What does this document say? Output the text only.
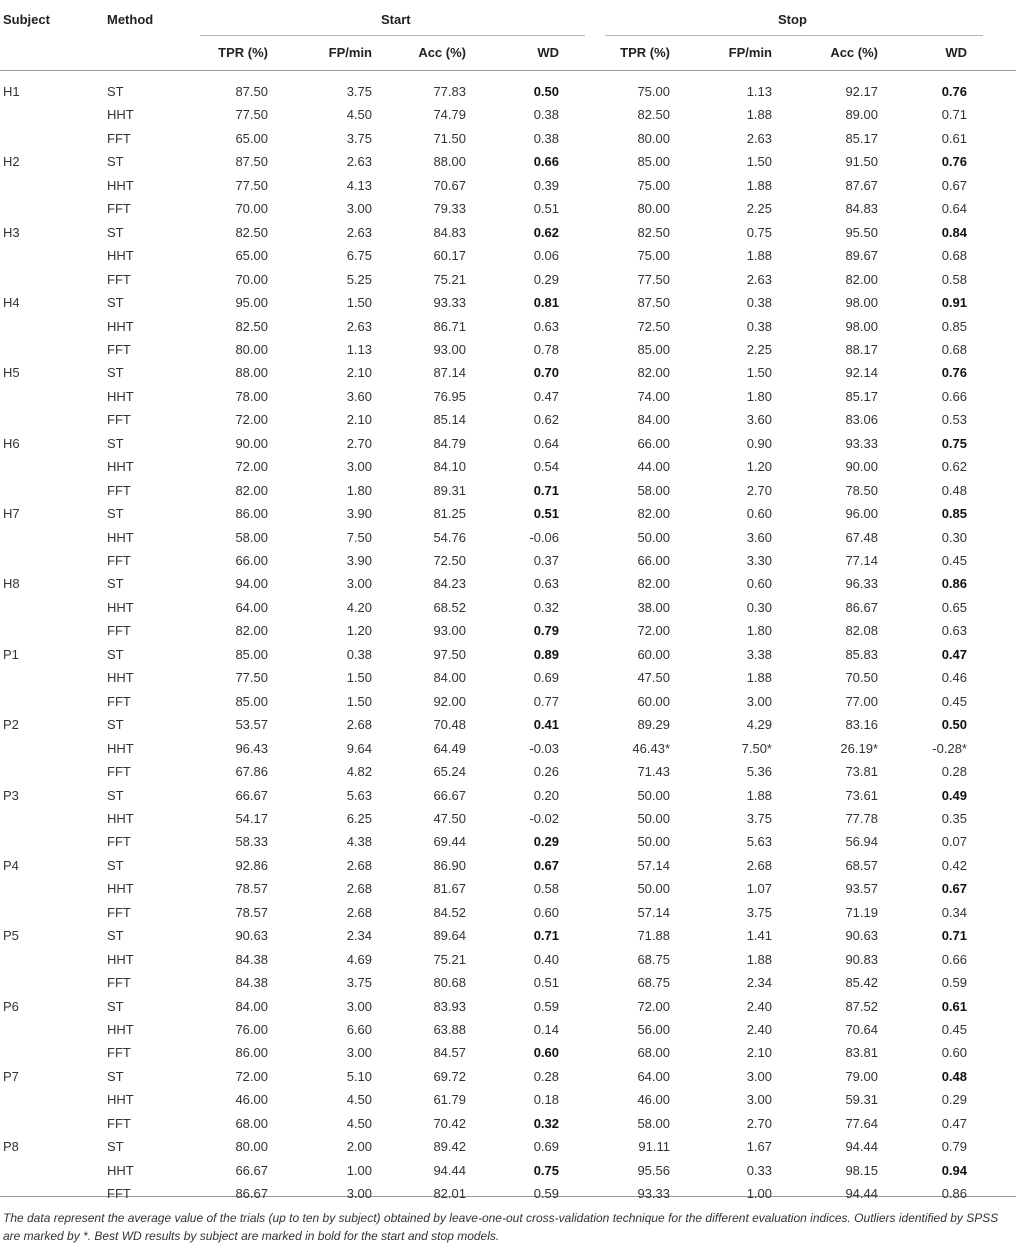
Subject	Method	Start	Stop
TPR (%)	FP/min	Acc (%)	WD	TPR (%)	FP/min	Acc (%)	WD
H1	ST	87.50	3.75	77.83	0.50	75.00	1.13	92.17	0.76
HHT	77.50	4.50	74.79	0.38	82.50	1.88	89.00	0.71
FFT	65.00	3.75	71.50	0.38	80.00	2.63	85.17	0.61
H2	ST	87.50	2.63	88.00	0.66	85.00	1.50	91.50	0.76
HHT	77.50	4.13	70.67	0.39	75.00	1.88	87.67	0.67
FFT	70.00	3.00	79.33	0.51	80.00	2.25	84.83	0.64
H3	ST	82.50	2.63	84.83	0.62	82.50	0.75	95.50	0.84
HHT	65.00	6.75	60.17	0.06	75.00	1.88	89.67	0.68
FFT	70.00	5.25	75.21	0.29	77.50	2.63	82.00	0.58
H4	ST	95.00	1.50	93.33	0.81	87.50	0.38	98.00	0.91
HHT	82.50	2.63	86.71	0.63	72.50	0.38	98.00	0.85
FFT	80.00	1.13	93.00	0.78	85.00	2.25	88.17	0.68
H5	ST	88.00	2.10	87.14	0.70	82.00	1.50	92.14	0.76
HHT	78.00	3.60	76.95	0.47	74.00	1.80	85.17	0.66
FFT	72.00	2.10	85.14	0.62	84.00	3.60	83.06	0.53
H6	ST	90.00	2.70	84.79	0.64	66.00	0.90	93.33	0.75
HHT	72.00	3.00	84.10	0.54	44.00	1.20	90.00	0.62
FFT	82.00	1.80	89.31	0.71	58.00	2.70	78.50	0.48
H7	ST	86.00	3.90	81.25	0.51	82.00	0.60	96.00	0.85
HHT	58.00	7.50	54.76	-0.06	50.00	3.60	67.48	0.30
FFT	66.00	3.90	72.50	0.37	66.00	3.30	77.14	0.45
H8	ST	94.00	3.00	84.23	0.63	82.00	0.60	96.33	0.86
HHT	64.00	4.20	68.52	0.32	38.00	0.30	86.67	0.65
FFT	82.00	1.20	93.00	0.79	72.00	1.80	82.08	0.63
P1	ST	85.00	0.38	97.50	0.89	60.00	3.38	85.83	0.47
HHT	77.50	1.50	84.00	0.69	47.50	1.88	70.50	0.46
FFT	85.00	1.50	92.00	0.77	60.00	3.00	77.00	0.45
P2	ST	53.57	2.68	70.48	0.41	89.29	4.29	83.16	0.50
HHT	96.43	9.64	64.49	-0.03	46.43*	7.50*	26.19*	-0.28*
FFT	67.86	4.82	65.24	0.26	71.43	5.36	73.81	0.28
P3	ST	66.67	5.63	66.67	0.20	50.00	1.88	73.61	0.49
HHT	54.17	6.25	47.50	-0.02	50.00	3.75	77.78	0.35
FFT	58.33	4.38	69.44	0.29	50.00	5.63	56.94	0.07
P4	ST	92.86	2.68	86.90	0.67	57.14	2.68	68.57	0.42
HHT	78.57	2.68	81.67	0.58	50.00	1.07	93.57	0.67
FFT	78.57	2.68	84.52	0.60	57.14	3.75	71.19	0.34
P5	ST	90.63	2.34	89.64	0.71	71.88	1.41	90.63	0.71
HHT	84.38	4.69	75.21	0.40	68.75	1.88	90.83	0.66
FFT	84.38	3.75	80.68	0.51	68.75	2.34	85.42	0.59
P6	ST	84.00	3.00	83.93	0.59	72.00	2.40	87.52	0.61
HHT	76.00	6.60	63.88	0.14	56.00	2.40	70.64	0.45
FFT	86.00	3.00	84.57	0.60	68.00	2.10	83.81	0.60
P7	ST	72.00	5.10	69.72	0.28	64.00	3.00	79.00	0.48
HHT	46.00	4.50	61.79	0.18	46.00	3.00	59.31	0.29
FFT	68.00	4.50	70.42	0.32	58.00	2.70	77.64	0.47
P8	ST	80.00	2.00	89.42	0.69	91.11	1.67	94.44	0.79
HHT	66.67	1.00	94.44	0.75	95.56	0.33	98.15	0.94
FFT	86.67	3.00	82.01	0.59	93.33	1.00	94.44	0.86
The data represent the average value of the trials (up to ten by subject) obtained by leave-one-out cross-validation technique for the different evaluation indices. Outliers identified by SPSS are marked by *. Best WD results by subject are marked in bold for the start and stop models.
